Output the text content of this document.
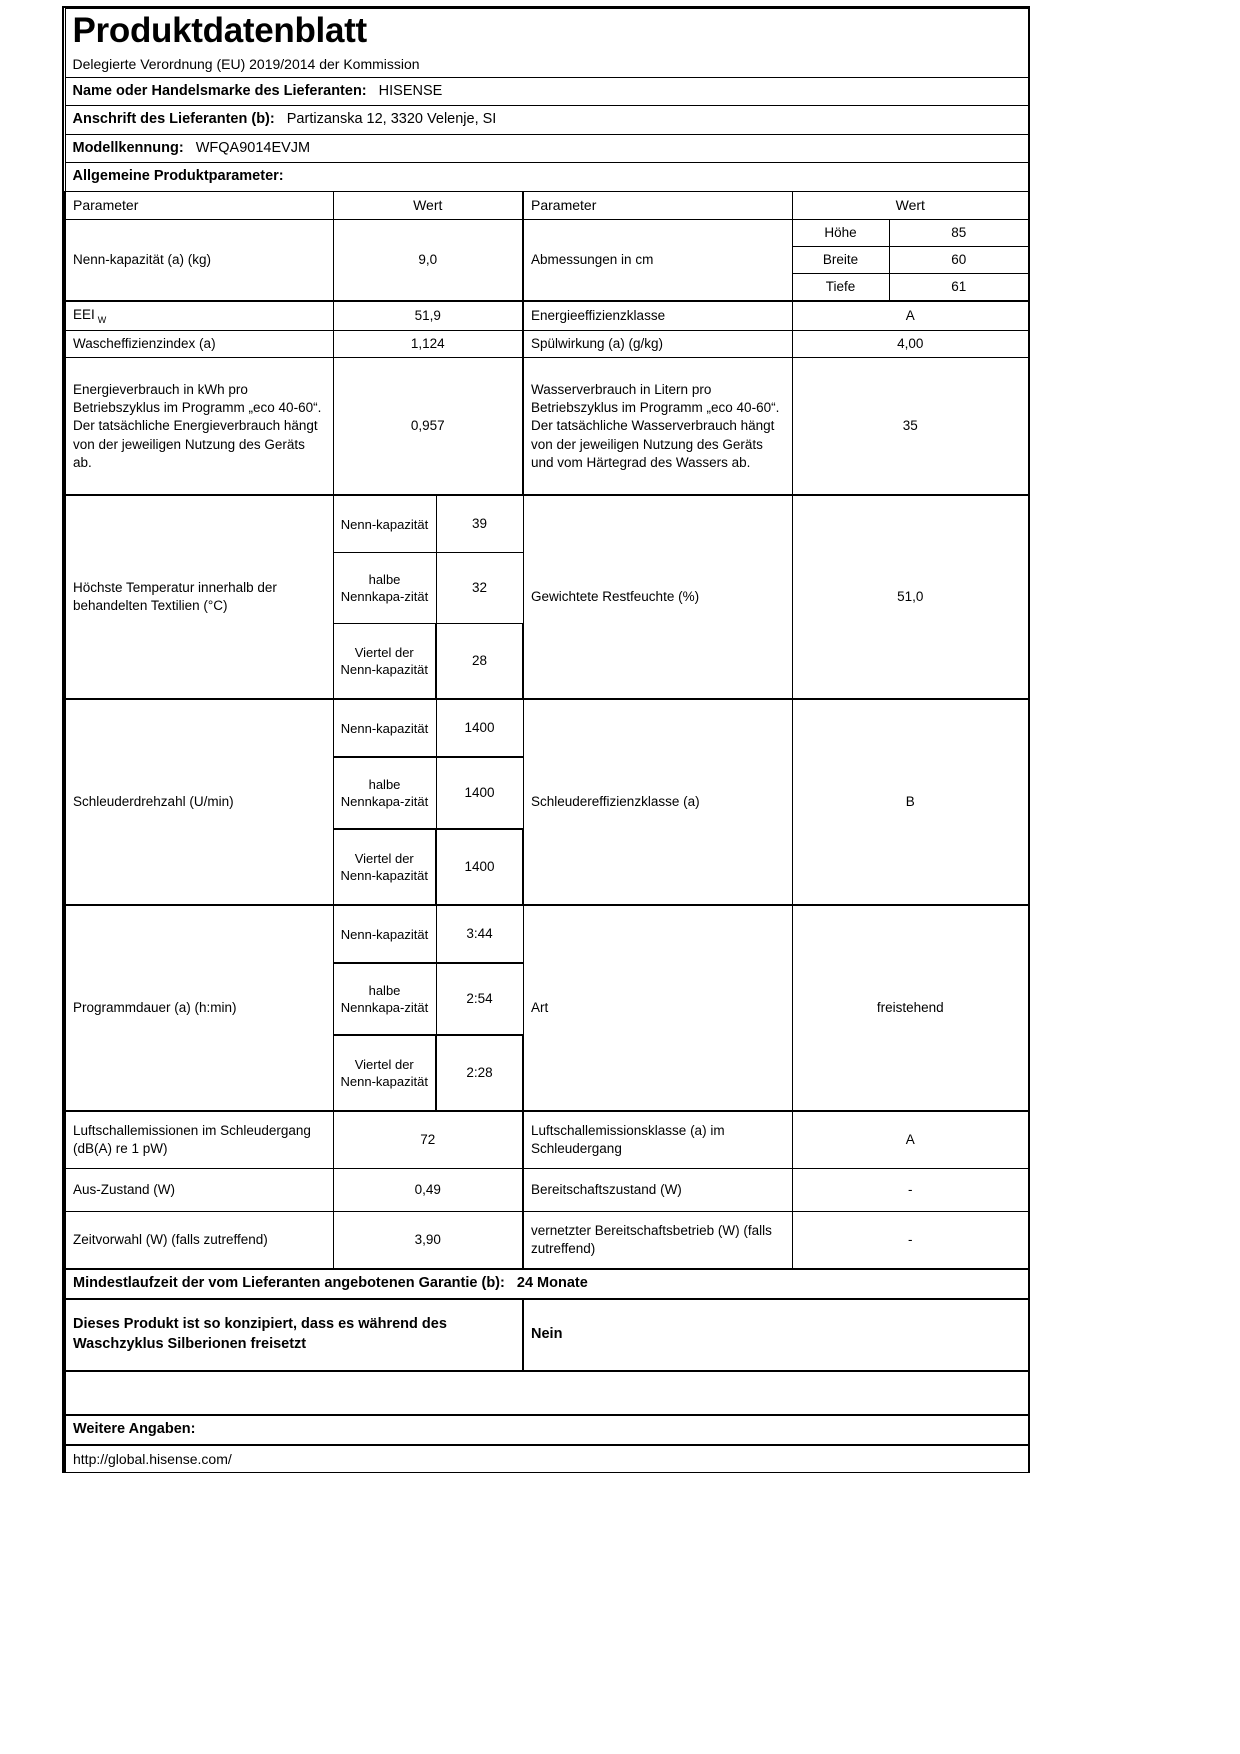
Produktdatenblatt
Delegierte Verordnung (EU) 2019/2014 der Kommission					

Name oder Handelsmarke des Lieferanten: HISENSE					
Anschrift des Lieferanten (b): Partizanska 12, 3320 Velenje, SI					
Modellkennung: WFQA9014EVJM					
Allgemeine Produktparameter:					
Parameter	Wert		Parameter	Wert	
Nenn-kapazität (a) (kg)	9,0		Abmessungen in cm	Höhe	85
				Breite	60
				Tiefe	61
EEI $_W$	51,9		Energieeffizienzklasse	A	
Wascheffizienzindex (a)	1,124		Spülwirkung (a) (g/kg)	4,00	
Energieverbrauch in kWh pro Betriebszyklus im Programm „eco 40-60“. Der tatsächliche Energieverbrauch hängt von der jeweiligen Nutzung des Geräts ab.	0,957		Wasserverbrauch in Litern pro Betriebszyklus im Programm „eco 40-60“. Der tatsächliche Wasserverbrauch hängt von der jeweiligen Nutzung des Geräts und vom Härtegrad des Wassers ab.	35	
Höchste Temperatur innerhalb der behandelten Textilien (°C)	Nenn-kapazität	39	Gewichtete Restfeuchte (%)	51,0	
	halbe Nennkapa-zität	32			
	Viertel der Nenn-kapazität	28			
Schleuderdrehzahl (U/min)	Nenn-kapazität	1400	Schleudereffizienzklasse (a)	B	
	halbe Nennkapa-zität	1400			
	Viertel der Nenn-kapazität	1400			
Programmdauer (a) (h:min)	Nenn-kapazität	3:44	Art	freistehend	
	halbe Nennkapa-zität	2:54			
	Viertel der Nenn-kapazität	2:28			
Luftschallemissionen im Schleudergang (dB(A) re 1 pW)	72		Luftschallemissionsklasse (a) im Schleudergang	A	
Aus-Zustand (W)	0,49		Bereitschaftszustand (W)	-	
Zeitvorwahl (W) (falls zutreffend)	3,90		vernetzter Bereitschaftsbetrieb (W) (falls zutreffend)	-	
Mindestlaufzeit der vom Lieferanten angebotenen Garantie (b): 24 Monate					
Dieses Produkt ist so konzipiert, dass es während des Waschzyklus Silberionen freisetzt			Nein		

Weitere Angaben:					
http://global.hisense.com/					
